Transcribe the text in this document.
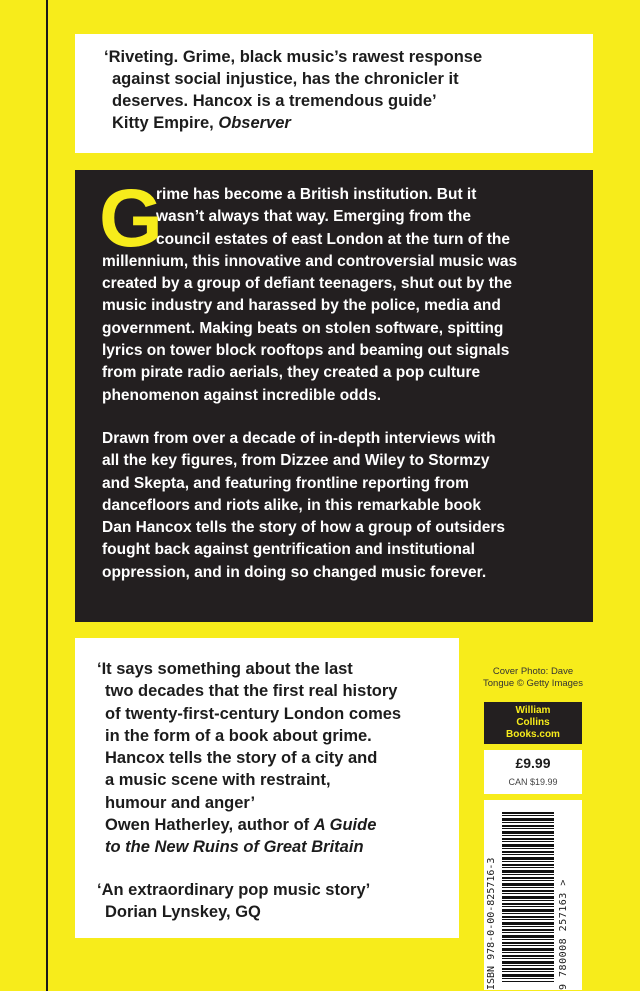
‘Riveting. Grime, black music’s rawest response
against social injustice, has the chronicler it
deserves. Hancox is a tremendous guide’
Kitty Empire, Observer
G
rime has become a British institution. But it
wasn’t always that way. Emerging from the
council estates of east London at the turn of the
millennium, this innovative and controversial music was
created by a group of defiant teenagers, shut out by the
music industry and harassed by the police, media and
government. Making beats on stolen software, spitting
lyrics on tower block rooftops and beaming out signals
from pirate radio aerials, they created a pop culture
phenomenon against incredible odds.
Drawn from over a decade of in-depth interviews with
all the key figures, from Dizzee and Wiley to Stormzy
and Skepta, and featuring frontline reporting from
dancefloors and riots alike, in this remarkable book
Dan Hancox tells the story of how a group of outsiders
fought back against gentrification and institutional
oppression, and in doing so changed music forever.
‘It says something about the last
two decades that the first real history
of twenty-first-century London comes
in the form of a book about grime.
Hancox tells the story of a city and
a music scene with restraint,
humour and anger’
Owen Hatherley, author of A Guide
to the New Ruins of Great Britain
‘An extraordinary pop music story’
Dorian Lynskey, GQ
Cover Photo: Dave
Tongue © Getty Images
William
Collins
Books.com
£9.99
CAN $19.99
ISBN 978-0-00-825716-3	9 780008 257163 >
